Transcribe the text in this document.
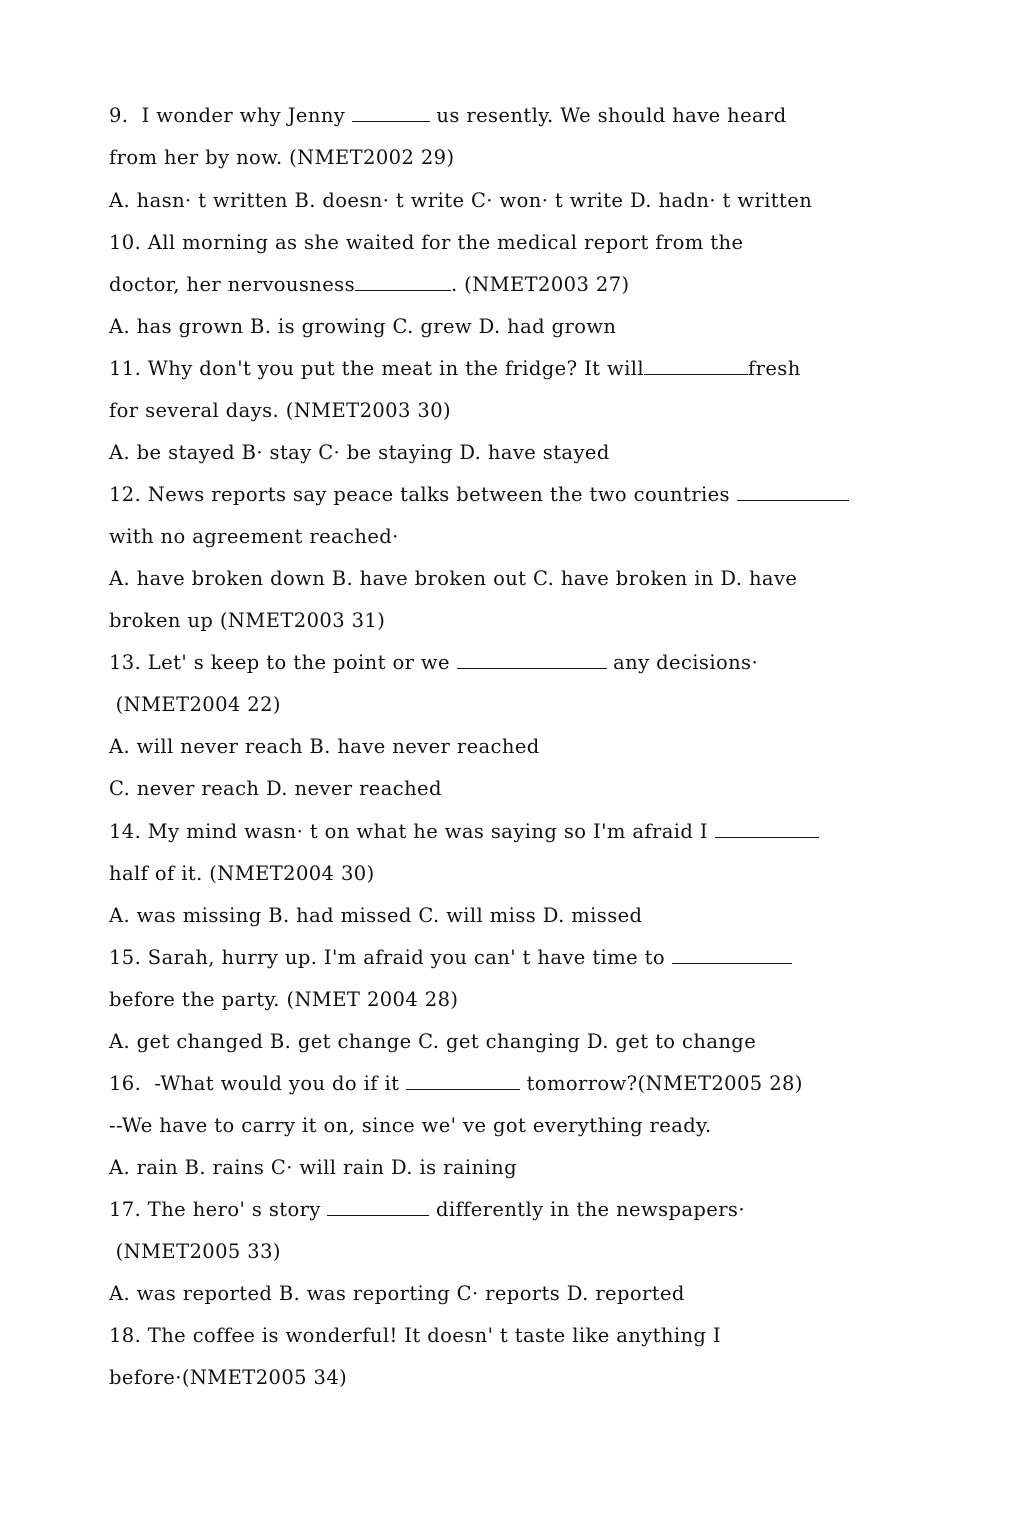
9.  I wonder why Jenny	us resently. We should have heard
from her by now. (NMET2002 29)
A. hasn· t written B. doesn· t write C· won· t write D. hadn· t written
10. All morning as she waited for the medical report from the
doctor, her nervousness	. (NMET2003 27)
A. has grown B. is growing C. grew D. had grown
11. Why don't you put the meat in the fridge? It will	fresh
for several days. (NMET2003 30)
A. be stayed B· stay C· be staying D. have stayed
12. News reports say peace talks between the two countries
with no agreement reached·
A. have broken down B. have broken out C. have broken in D. have
broken up (NMET2003 31)
13. Let' s keep to the point or we	any decisions·
(NMET2004 22)
A. will never reach B. have never reached
C. never reach D. never reached
14. My mind wasn· t on what he was saying so I'm afraid I
half of it. (NMET2004 30)
A. was missing B. had missed C. will miss D. missed
15. Sarah, hurry up. I'm afraid you can' t have time to
before the party. (NMET 2004 28)
A. get changed B. get change C. get changing D. get to change
16.  -What would you do if it	tomorrow?(NMET2005 28)
--We have to carry it on, since we' ve got everything ready.
A. rain B. rains C· will rain D. is raining
17. The hero' s story	differently in the newspapers·
(NMET2005 33)
A. was reported B. was reporting C· reports D. reported
18. The coffee is wonderful! It doesn' t taste like anything I
before·(NMET2005 34)
